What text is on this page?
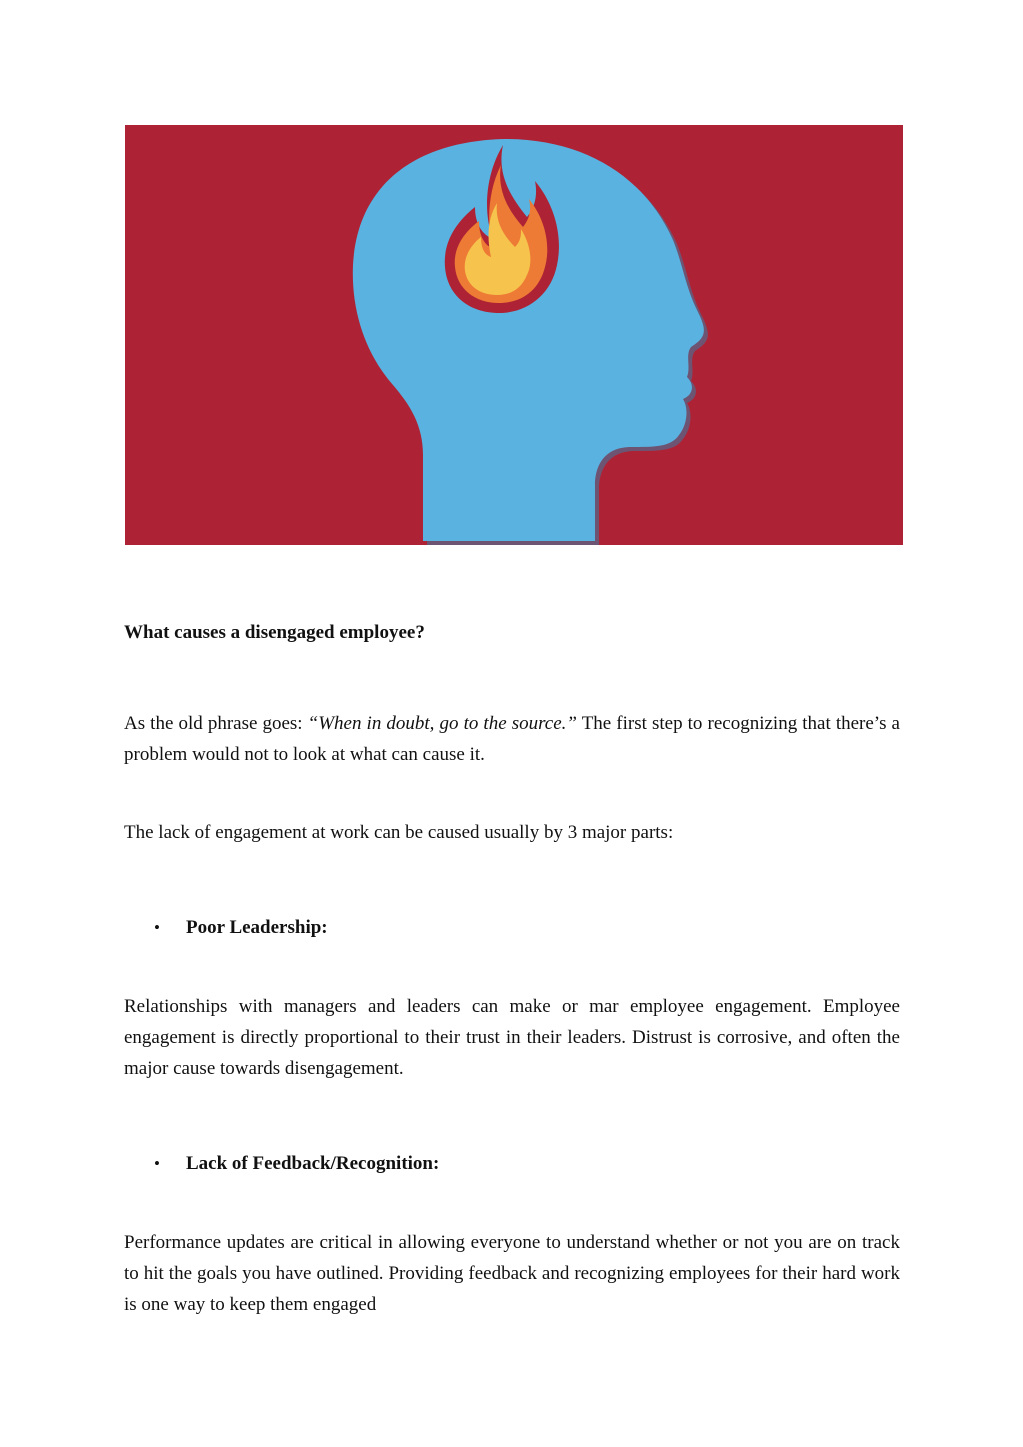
What causes a disengaged employee?

As the old phrase goes: “When in doubt, go to the source.” The first step to recognizing that there’s a problem would not to look at what can cause it.

The lack of engagement at work can be caused usually by 3 major parts:

• Poor Leadership:

Relationships with managers and leaders can make or mar employee engagement. Employee engagement is directly proportional to their trust in their leaders. Distrust is corrosive, and often the major cause towards disengagement.

• Lack of Feedback/Recognition:

Performance updates are critical in allowing everyone to understand whether or not you are on track to hit the goals you have outlined. Providing feedback and recognizing employees for their hard work is one way to keep them engaged
